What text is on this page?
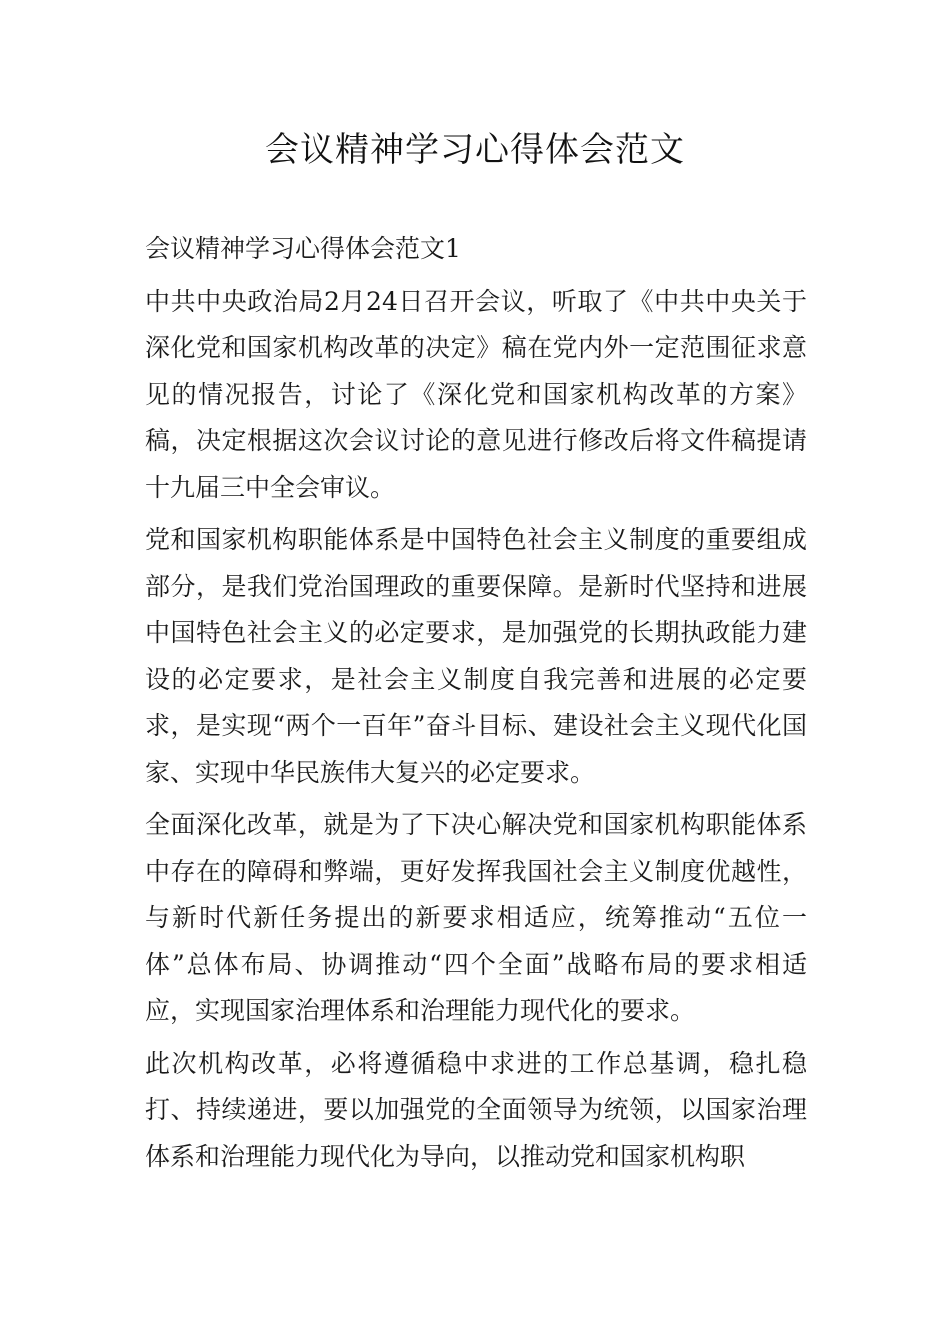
会议精神学习心得体会范文

会议精神学习心得体会范文1

中共中央政治局2月24日召开会议，听取了《中共中央关于深化党和国家机构改革的决定》稿在党内外一定范围征求意见的情况报告，讨论了《深化党和国家机构改革的方案》稿，决定根据这次会议讨论的意见进行修改后将文件稿提请十九届三中全会审议。

党和国家机构职能体系是中国特色社会主义制度的重要组成部分，是我们党治国理政的重要保障。是新时代坚持和进展中国特色社会主义的必定要求，是加强党的长期执政能力建设的必定要求，是社会主义制度自我完善和进展的必定要求，是实现“两个一百年”奋斗目标、建设社会主义现代化国家、实现中华民族伟大复兴的必定要求。

全面深化改革，就是为了下决心解决党和国家机构职能体系中存在的障碍和弊端，更好发挥我国社会主义制度优越性，与新时代新任务提出的新要求相适应，统筹推动“五位一体”总体布局、协调推动“四个全面”战略布局的要求相适应，实现国家治理体系和治理能力现代化的要求。

此次机构改革，必将遵循稳中求进的工作总基调，稳扎稳打、持续递进，要以加强党的全面领导为统领，以国家治理体系和治理能力现代化为导向，以推动党和国家机构职
